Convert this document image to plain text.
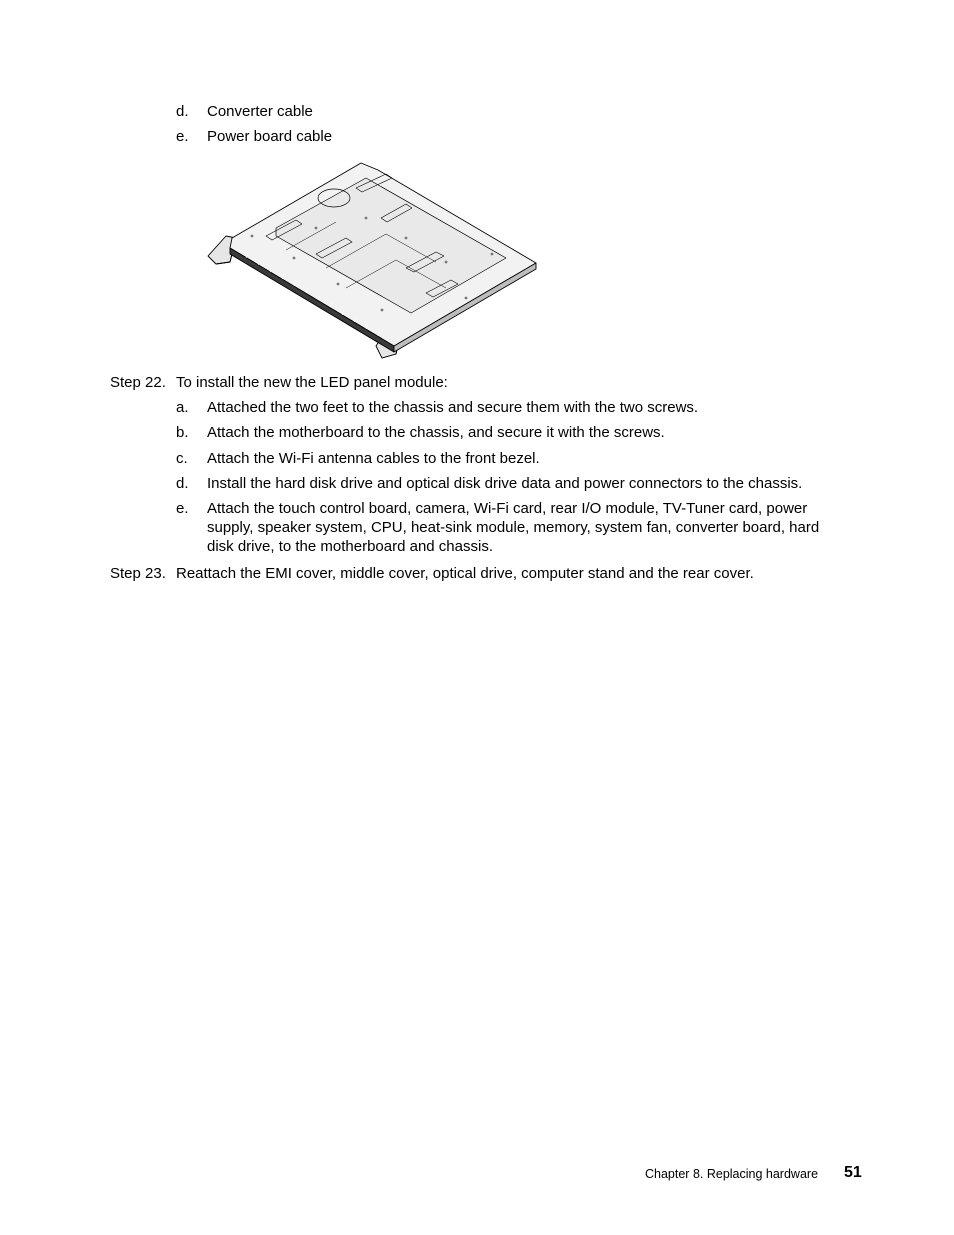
d. Converter cable
e. Power board cable
Step 22. To install the new the LED panel module:
a. Attached the two feet to the chassis and secure them with the two screws.
b. Attach the motherboard to the chassis, and secure it with the screws.
c. Attach the Wi-Fi antenna cables to the front bezel.
d. Install the hard disk drive and optical disk drive data and power connectors to the chassis.
e. Attach the touch control board, camera, Wi-Fi card, rear I/O module, TV-Tuner card, power
supply, speaker system, CPU, heat-sink module, memory, system fan, converter board, hard
disk drive, to the motherboard and chassis.
Step 23. Reattach the EMI cover, middle cover, optical drive, computer stand and the rear cover.
Chapter 8. Replacing hardware 51
